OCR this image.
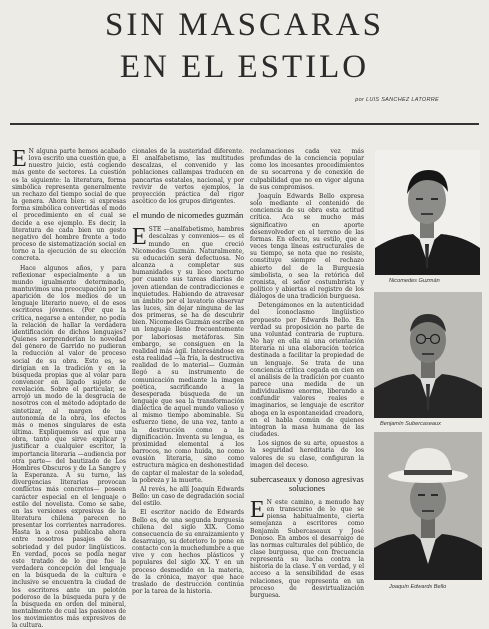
SIN MASCARAS
EN EL ESTILO
por LUIS SANCHEZ LATORRE

E N alguna parte hemos acabado lova escrito una cuestión que, a nuestro juicio, está cogiendo más gente de sectores. La cuestión es la siguiente: la literatura, forma simbólica representa generalmente un rechazo del tiempo social de que la genera. Ahora bien: si expresas forma simbólica convertidas el modo el procedimiento en el cual se decide a ese ejemplo. Es decir, la literatura de cada bien un gesto negativo del hombre frente a todo proceso de sistematización social en torno a la ejecución de su elección concreta.

Hace algunos años, y para reflexionar especialmente a un mundo igualmente determinado, mantuvimos una preocupación por la aparición de los medios de un lenguaje literario nuevo, el de esos escritores jóvenes. (Por que la crítica, negarse a entender, no podía la relación de hallar la verdadera identificación de dichos lenguajes? Quienes sorprenderían lo novedad del género de Garrido no pudieran la reducción al valor de proceso social de su obra. Esto es, se dirigían en la tradición y en la búsqueda propias que al volar para convencer en ligado sujeto de revelación. Sobre el particular, se arrojó un modo de la desgracia de nosotros con el método adoptado de sintetizar, al margen de la autonomía de la obra, los efectos más o menos singulares de esta última. Expliquemos así que una obra, tanto que sirve explicar y justificar a cualquier escritor, la importancia literaria —audiencia por otra parte— del bautizado de Los Hombres Obscuros y de La Sangre y la Esperanza. A su turno, las divergencias literarias provocan conflictos más concretos— poseen carácter especial en el lenguaje o estilo del novelista. Como se sabe, en las versiones expresivas de la literatura chilena parecen no presentar los corrientes narradores. Hasta la a cosa publicaba ahora entre nosotros pasajes de la sobriedad y del pudor lingüísticos. En verdad, pocos se podía negar este tratado de lo que fue la verdadera concepción del lenguaje en la búsqueda de la cultura e inclusive se encuentra la ciudad de los escritores ante un pelotón poderoso de la búsqueda pura y de la búsqueda en orden del mineral, mentalmente de cual las pasiones de los movimientos más expresivos de la cultura.

cionales de la austeridad diferente. El analfabetismo, las multitudes descalzas, el convenido y las poblaciones callampas traducen en pancartas estatales, nacional, y por revivir de vertos ejemplos, la proyección práctica del rigor ascético de los grupos dirigentes.

el mundo de nicomedes guzmán

ESTE —analfabetismo, hambres descalzas y convenios— es el mundo en que creció Nicomedes Guzmán. Naturalmente, su educación será defectuosa. No alcanza a completar sus humanidades y su liceo nocturno por cuanto sus tareas diarias de joven atiendan de contradicciones e inquietudes. Habiendo de atravesar un ámbito por el lavatorio observar las luces, sin dejar ninguna de las dos primeras, se ha de descubrir bien. Nicomedes Guzmán escribe en un lenguaje lleno frecuentemente por laboriosas metáforas. Sin embargo, se consiguen en la realidad más ágil. Interesándose en esta realidad —la fría, la destructiva realidad de lo material— Guzmán llegó a su instrumento de comunicación mediante la imagen poética, sacrificando a la desesperada búsqueda de un lenguaje que sea la transformación dialéctica de aquel mundo valioso y al mismo tiempo abominable. Su esfuerzo tiene, de una vez, tanto a la destrucción como a la dignificación. Inventa su lengua, es proximidad elemental a los barrocos, no como huida, no como evasión literaria, sino como estructura mágica en deshonestidad de captar el malestar de la soledad, la pobreza y la muerte.

Al revés, he allí Joaquín Edwards Bello: un caso de degradación social del estilo.

El escritor nacido de Edwards Bello es, de una segunda burguesía chilena del siglo XIX. Como consecuencia de su enraizamiento y desarraigo, su deterioro lo pone en contacto con la muchedumbre a que vive y con hechos plásticos y populares del siglo XX. Y en un proceso desmedido en la materia, de la crónica, mayor que hace traslado de destrucción continúa por la tarea de la historia.

reclamaciones cada vez más profundas de la conciencia popular como los incesantes procedimientos de su socarrona y de conexión de culpabilidad que no en vigor alguna de sus compromisos.

Joaquín Edwards Bello expresa solo mediante el contenido de conciencia de su obra esta actitud crítica. Aca se mucho más significativo en aporte desenvolvedor en el terreno de las formas. En efecto, su estilo, que a veces tenga líneas estructurales de su tiempo, se nota que no resiste, constituye siempre el rechazo abierto del de la Burguesía simbolista, o sea la retórica del cronista, el señor costumbrista y político y abiertas el registro de los diálogos de una tradición burguesa.

Detengámonos en la autenticidad del iconoclasmo lingüístico propuesto por Edwards Bello. En verdad su proposición no parte de una voluntad contraria de ruptura. No hay en ella ni una orientación literaria ni una elaboración teórica destinada a facilitar la propiedad de un lenguaje. Se trata de una conciencia crítica cegada en cien en el análisis de la tradición por cuanto parece una medida de un individualismo enorme, liberando a confundir valores reales e imaginarios, se lenguaje de escritor aboga en la espontaneidad creadora, en el habla común de quienes integran la masa humana de las ciudades.

Los signos de su arte, opuestos a la seguridad hereditaria de los valores de su clase, configuran la imagen del deceso.

subercaseaux y donoso agresivas soluciones

E N este camino, a menudo hay en transcurso de lo que se piensa habitualmente, cierta semejanza a escritores como Benjamín Subercaseaux y José Donoso. En ambos el desarraigo de las normas culturales del público, de clase burguesa, que con frecuencia representa su lucha contra la historia de la clase. Y en verdad, y el acceso a la sensibilidad de esas relaciones, que representa en un proceso de desvirtualización burguesa.

Nicomedes Guzmán
Benjamín Subercaseaux
Joaquín Edwards Bello
